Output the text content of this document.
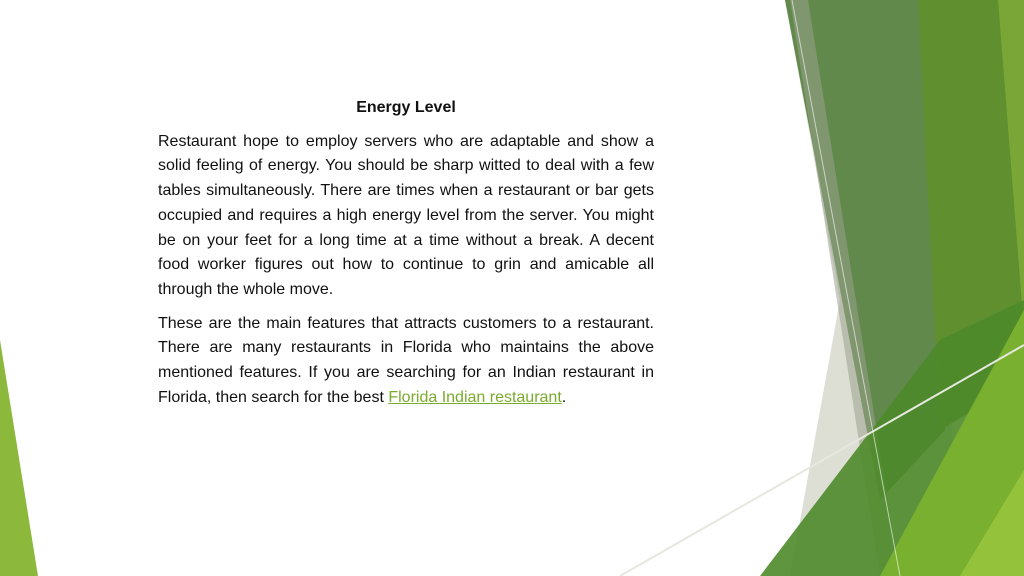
Energy Level

Restaurant hope to employ servers who are adaptable and show a solid feeling of energy. You should be sharp witted to deal with a few tables simultaneously. There are times when a restaurant or bar gets occupied and requires a high energy level from the server. You might be on your feet for a long time at a time without a break. A decent food worker figures out how to continue to grin and amicable all through the whole move.

These are the main features that attracts customers to a restaurant. There are many restaurants in Florida who maintains the above mentioned features. If you are searching for an Indian restaurant in Florida, then search for the best Florida Indian restaurant.
